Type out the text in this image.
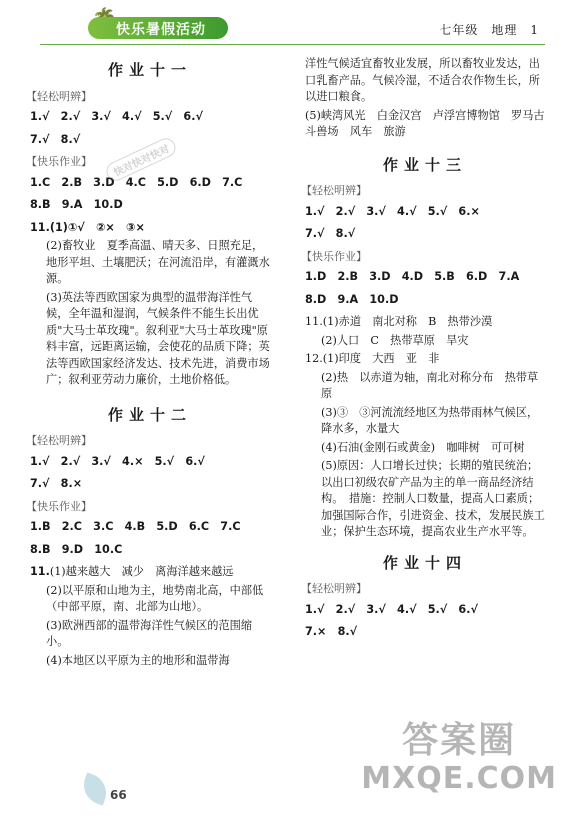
快乐暑假活动	七年级　地理　1
作业十一
【轻松明辨】
1.√　2.√　3.√　4.√　5.√　6.√
7.√　8.√
【快乐作业】
1.C　2.B　3.D　4.C　5.D　6.D　7.C
8.B　9.A　10.D
11.(1)①√　②×　③×
(2)畜牧业　夏季高温、晴天多、日照充足，地形平坦、土壤肥沃；在河流沿岸，有灌溉水源。
(3)英法等西欧国家为典型的温带海洋性气候，全年温和湿润，气候条件不能生长出优质"大马士革玫瑰"。叙利亚"大马士革玫瑰"原料丰富，远距离运输，会使花的品质下降；英法等西欧国家经济发达、技术先进，消费市场广；叙利亚劳动力廉价，土地价格低。
作业十二
【轻松明辨】
1.√　2.√　3.√　4.×　5.√　6.√
7.√　8.×
【快乐作业】
1.B　2.C　3.C　4.B　5.D　6.C　7.C
8.B　9.D　10.C
11.(1)越来越大　减少　离海洋越来越远
(2)以平原和山地为主，地势南北高，中部低（中部平原，南、北部为山地）。
(3)欧洲西部的温带海洋性气候区的范围缩小。
(4)本地区以平原为主的地形和温带海
洋性气候适宜畜牧业发展，所以畜牧业发达，出口乳畜产品。气候冷湿，不适合农作物生长，所以进口粮食。
(5)峡湾风光　白金汉宫　卢浮宫博物馆　罗马古斗兽场　风车　旅游
作业十三
【轻松明辨】
1.√　2.√　3.√　4.√　5.√　6.×
7.√　8.√
【快乐作业】
1.D　2.B　3.D　4.D　5.B　6.D　7.A
8.D　9.A　10.D
11.(1)赤道　南北对称　B　热带沙漠
(2)人口　C　热带草原　旱灾
12.(1)印度　大西　亚　非
(2)热　以赤道为轴，南北对称分布　热带草原
(3)③　③河流流经地区为热带雨林气候区，降水多，水量大
(4)石油(金刚石或黄金)　咖啡树　可可树
(5)原因：人口增长过快；长期的殖民统治；以出口初级农矿产品为主的单一商品经济结构。　措施：控制人口数量，提高人口素质；加强国际合作，引进资金、技术，发展民族工业；保护生态环境，提高农业生产水平等。
作业十四
【轻松明辨】
1.√　2.√　3.√　4.√　5.√　6.√
7.×　8.√
快对快对快对
66
答案圈
MXQE.COM
